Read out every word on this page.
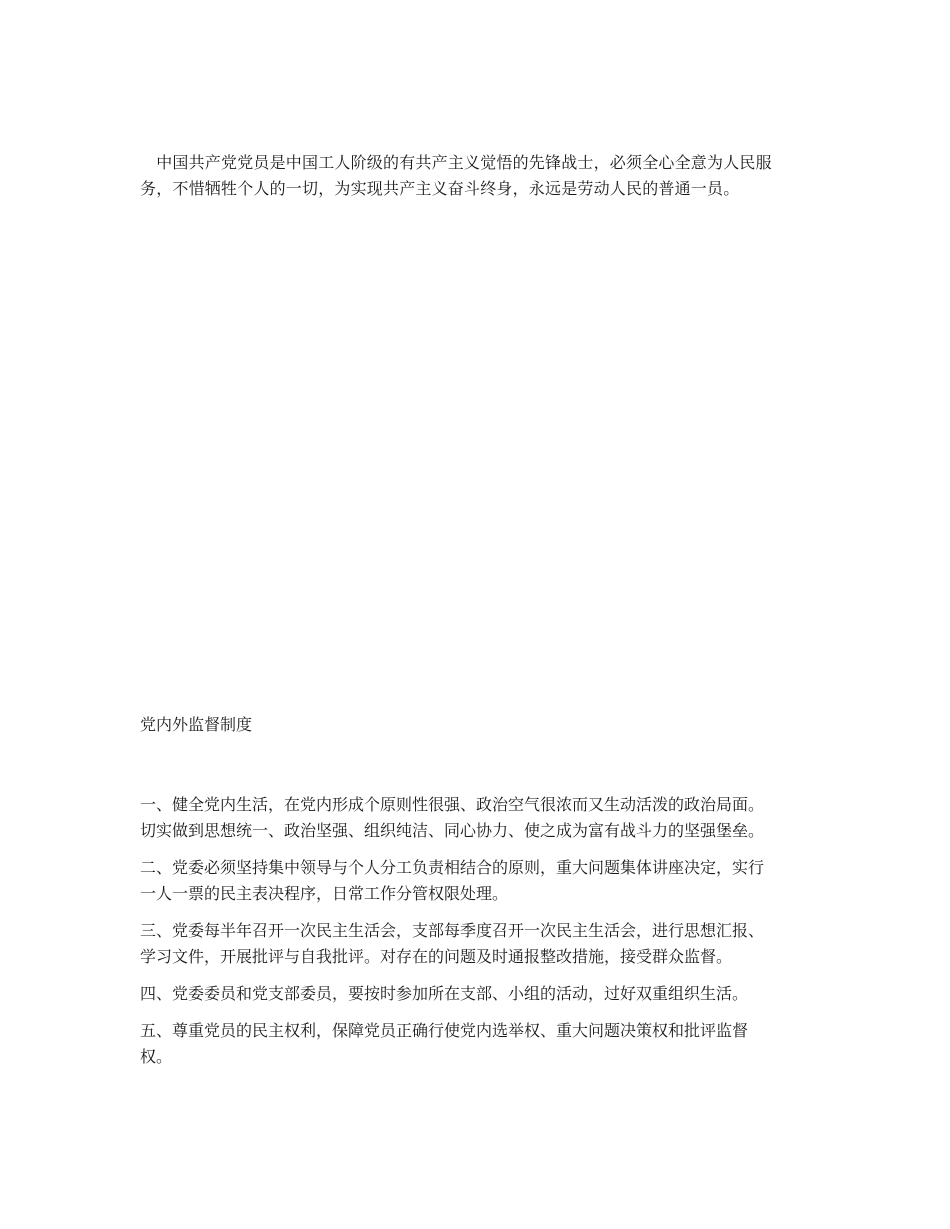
　中国共产党党员是中国工人阶级的有共产主义觉悟的先锋战士，必须全心全意为人民服
务，不惜牺牲个人的一切，为实现共产主义奋斗终身，永远是劳动人民的普通一员。
党内外监督制度

一、健全党内生活，在党内形成个原则性很强、政治空气很浓而又生动活泼的政治局面。
切实做到思想统一、政治坚强、组织纯洁、同心协力、使之成为富有战斗力的坚强堡垒。

二、党委必须坚持集中领导与个人分工负责相结合的原则，重大问题集体讲座决定，实行
一人一票的民主表决程序，日常工作分管权限处理。

三、党委每半年召开一次民主生活会，支部每季度召开一次民主生活会，进行思想汇报、
学习文件，开展批评与自我批评。对存在的问题及时通报整改措施，接受群众监督。

四、党委委员和党支部委员，要按时参加所在支部、小组的活动，过好双重组织生活。

五、尊重党员的民主权利，保障党员正确行使党内选举权、重大问题决策权和批评监督
权。
